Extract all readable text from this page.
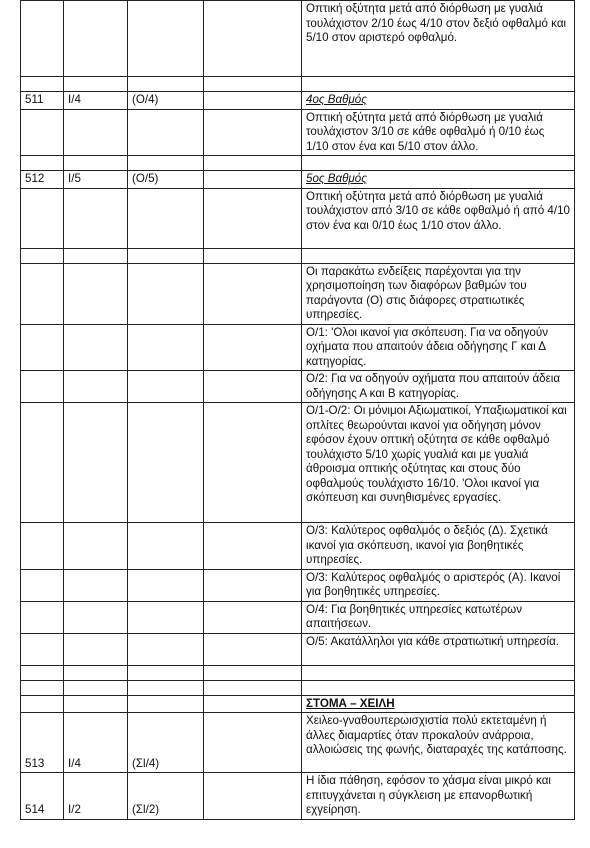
				Οπτική οξύτητα μετά από διόρθωση με γυαλιά τουλάχιστον 2/10 έως 4/10 στον δεξιό οφθαλμό και 5/10 στον αριστερό οφθαλμό.

511	Ι/4	(Ο/4)		4ος Βαθμός
				Οπτική οξύτητα μετά από διόρθωση με γυαλιά τουλάχιστον 3/10 σε κάθε οφθαλμό ή 0/10 έως 1/10 στον ένα και 5/10 στον άλλο.

512	Ι/5	(Ο/5)		5ος Βαθμός
				Οπτική οξύτητα μετά από διόρθωση με γυαλιά τουλάχιστον από 3/10 σε κάθε οφθαλμό ή από 4/10 στον ένα και 0/10 έως 1/10 στον άλλο.

				Οι παρακάτω ενδείξεις παρέχονται για την χρησιμοποίηση των διαφόρων βαθμών του παράγοντα (Ο) στις διάφορες στρατιωτικές υπηρεσίες.
				Ο/1: 'Ολοι ικανοί για σκόπευση. Για να οδηγούν οχήματα που απαιτούν άδεια οδήγησης Γ και Δ κατηγορίας.
				Ο/2: Για να οδηγούν οχήματα που απαιτούν άδεια οδήγησης Α και Β κατηγορίας.
				Ο/1-Ο/2: Οι μόνιμοι Αξιωματικοί, Υπαξιωματικοί και οπλίτες θεωρούνται ικανοί για οδήγηση μόνον εφόσον έχουν οπτική οξύτητα σε κάθε οφθαλμό τουλάχιστο 5/10 χωρίς γυαλιά και με γυαλιά άθροισμα οπτικής οξύτητας και στους δύο οφθαλμούς τουλάχιστο 16/10. 'Ολοι ικανοί για σκόπευση και συνηθισμένες εργασίες.
				Ο/3: Καλύτερος οφθαλμός ο δεξιός (Δ). Σχετικά ικανοί για σκόπευση, ικανοί για βοηθητικές υπηρεσίες.
				Ο/3: Καλύτερος οφθαλμός ο αριστερός (Α). Ικανοί για βοηθητικές υπηρεσίες.
				Ο/4: Για βοηθητικές υπηρεσίες κατωτέρων απαιτήσεων.
				Ο/5: Ακατάλληλοι για κάθε στρατιωτική υπηρεσία.

				ΣΤΟΜΑ – ΧΕΙΛΗ
513	Ι/4	(Σl/4)		Χειλεο-γναθουπερωισχιστία πολύ εκτεταμένη ή άλλες διαμαρτίες όταν προκαλούν ανάρροια, αλλοιώσεις της φωνής, διαταραχές της κατάποσης.
514	Ι/2	(Σl/2)		Η ίδια πάθηση, εφόσον το χάσμα είναι μικρό και επιτυγχάνεται η σύγκλειση με επανορθωτική εχγείρηση.
